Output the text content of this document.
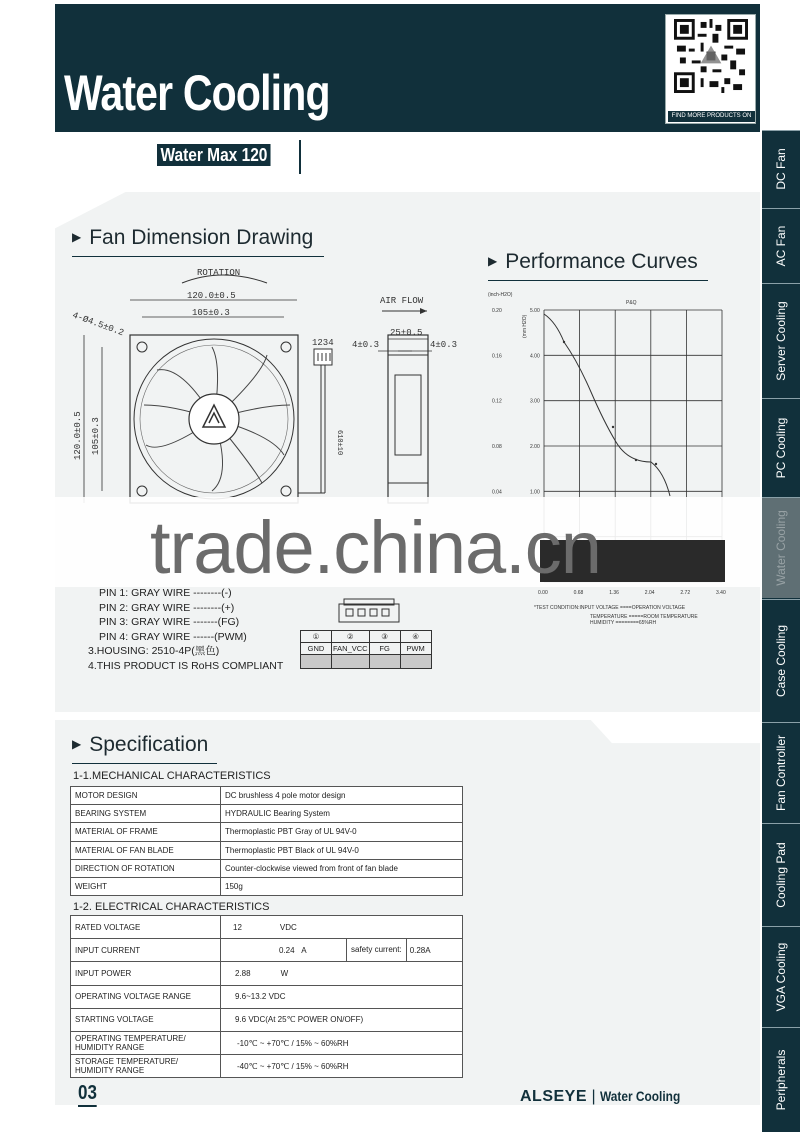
Water Cooling	FIND MORE PRODUCTS ON
Water Max 120	DC Fan
AC Fan
Server Cooling
PC Cooling
Water Cooling
Case Cooling
Fan Controller
Cooling Pad
VGA Cooling
Peripherals
▶ Fan Dimension Drawing
ROTATION
120.0±0.5
105±0.3
4-Ø4.5±0.2
120.0±0.5 105±0.3
1234
610±10
AIR FLOW
25±0.5
4±0.3	4±0.3
▶ Performance Curves
(inch-H2O)
P&Q
(mm H2O)
0.00	0.68	1.36	2.04	2.72	3.40
0.20
0.16
0.12
0.08
0.04
5.00
4.00
3.00
2.00
1.00
*TEST CONDITION:INPUT VOLTAGE ====OPERATION VOLTAGE
TEMPERATURE =====ROOM TEMPERATURE
HUMIDITY ========65%RH
trade.china.cn
PIN 1: GRAY WIRE --------(-)
PIN 2: GRAY WIRE --------(+)
PIN 3: GRAY WIRE -------(FG)
PIN 4: GRAY WIRE ------(PWM)
3.HOUSING: 2510-4P(黑色)
4.THIS PRODUCT IS RoHS COMPLIANT
①	②	③	④
GND	FAN_VCC	FG	PWM

▶ Specification
1-1.MECHANICAL CHARACTERISTICS
MOTOR DESIGN	DC brushless 4 pole motor design
BEARING SYSTEM	HYDRAULIC Bearing System
MATERIAL OF FRAME	Thermoplastic PBT Gray of UL 94V-0
MATERIAL OF FAN BLADE	Thermoplastic PBT Black of UL 94V-0
DIRECTION OF ROTATION	Counter-clockwise viewed from front of fan blade
WEIGHT	150g
1-2. ELECTRICAL CHARACTERISTICS
RATED VOLTAGE	12 VDC
INPUT CURRENT	0.24 A safety current: 0.28A

INPUT POWER	2.88 W
OPERATING VOLTAGE RANGE	9.6~13.2 VDC
STARTING VOLTAGE	9.6 VDC(At 25℃ POWER ON/OFF)

OPERATING TEMPERATURE/
HUMIDITY RANGE	-10℃ ~ +70℃ / 15% ~ 60%RH

STORAGE TEMPERATURE/
HUMIDITY RANGE	-40℃ ~ +70℃ / 15% ~ 60%RH
03	ALSEYE | Water Cooling
